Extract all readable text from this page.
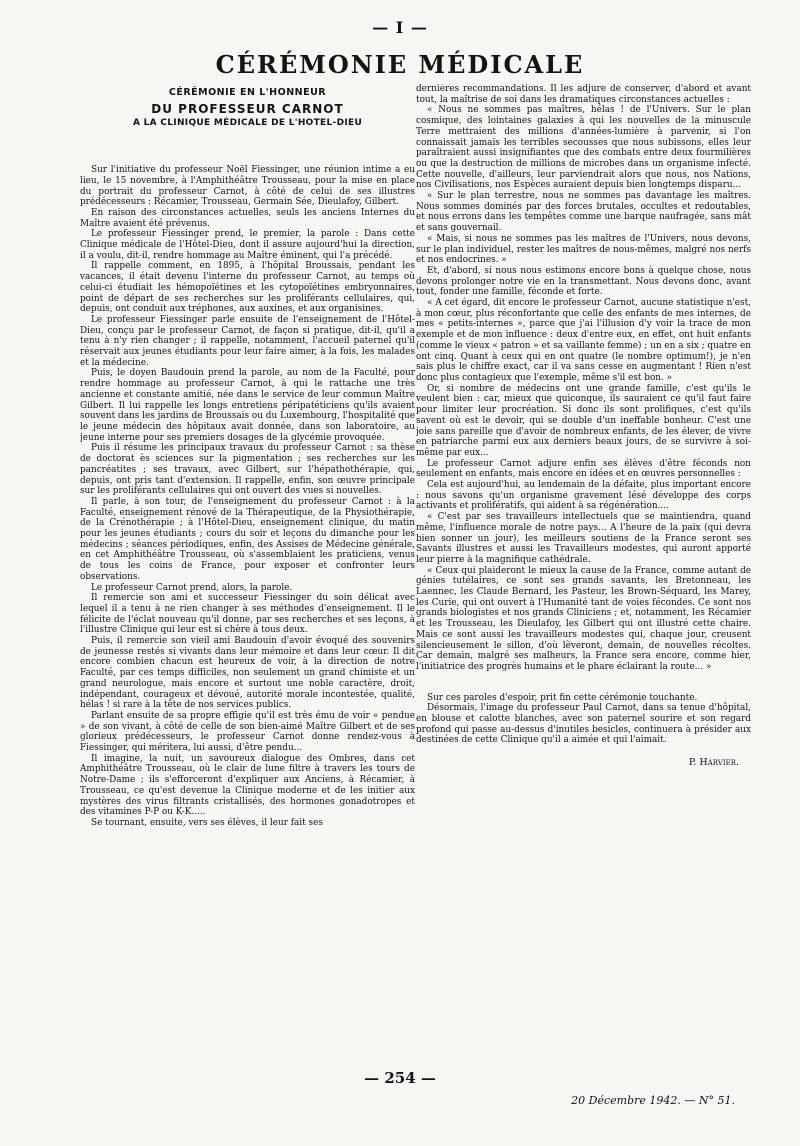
— I —
CÉRÉMONIE MÉDICALE
CÉRÉMONIE EN L'HONNEUR
DU PROFESSEUR CARNOT
A LA CLINIQUE MÉDICALE DE L'HOTEL-DIEU

Sur l'initiative du professeur Noël Fiessinger, une réunion intime a eu lieu, le 15 novembre, à l'Amphithéâtre Trousseau, pour la mise en place du portrait du professeur Carnot, à côté de celui de ses illustres prédécesseurs : Récamier, Trousseau, Germain Sée, Dieulafoy, Gilbert.

En raison des circonstances actuelles, seuls les anciens Internes du Maître avaient été prévenus.

Le professeur Fiessinger prend, le premier, la parole : Dans cette Clinique médicale de l'Hôtel-Dieu, dont il assure aujourd'hui la direction, il a voulu, dit-il, rendre hommage au Maître éminent, qui l'a précédé.

Il rappelle comment, en 1895, à l'hôpital Broussais, pendant les vacances, il était devenu l'interne du professeur Carnot, au temps où celui-ci étudiait les hémopoïétines et les cytopoïétines embryonnaires, point de départ de ses recherches sur les proliférants cellulaires, qui, depuis, ont conduit aux tréphones, aux auxines, et aux organisines.

Le professeur Fiessinger parle ensuite de l'enseignement de l'Hôtel-Dieu, conçu par le professeur Carnot, de façon si pratique, dit-il, qu'il a tenu à n'y rien changer ; il rappelle, notamment, l'accueil paternel qu'il réservait aux jeunes étudiants pour leur faire aimer, à la fois, les malades et la médecine.

Puis, le doyen Baudouin prend la parole, au nom de la Faculté, pour rendre hommage au professeur Carnot, à qui le rattache une très ancienne et constante amitié, née dans le service de leur commun Maître Gilbert. Il lui rappelle les longs entretiens péripatéticiens qu'ils avaient souvent dans les jardins de Broussais ou du Luxembourg, l'hospitalité que le jeune médecin des hôpitaux avait donnée, dans son laboratoire, au jeune interne pour ses premiers dosages de la glycémie provoquée.

Puis il résume les principaux travaux du professeur Carnot : sa thèse de doctorat ès sciences sur la pigmentation ; ses recherches sur les pancréatites ; ses travaux, avec Gilbert, sur l'hépathothérapie, qui, depuis, ont pris tant d'extension. Il rappelle, enfin, son œuvre principale sur les proliférants cellulaires qui ont ouvert des vues si nouvelles.

Il parle, à son tour, de l'enseignement du professeur Carnot : à la Faculté, enseignement rénové de la Thérapeutique, de la Physiothérapie, de la Crénothérapie ; à l'Hôtel-Dieu, enseignement clinique, du matin pour les jeunes étudiants ; cours du soir et leçons du dimanche pour les médecins ; séances périodiques, enfin, des Assises de Médecine générale, en cet Amphithéâtre Trousseau, où s'assemblaient les praticiens, venus de tous les coins de France, pour exposer et confronter leurs observations.

Le professeur Carnot prend, alors, la parole.

Il remercie son ami et successeur Fiessinger du soin délicat avec lequel il a tenu à ne rien changer à ses méthodes d'enseignement. Il le félicite de l'éclat nouveau qu'il donne, par ses recherches et ses leçons, à l'illustre Clinique qui leur est si chère à tous deux.

Puis, il remercie son vieil ami Baudouin d'avoir évoqué des souvenirs de jeunesse restés si vivants dans leur mémoire et dans leur cœur. Il dit encore combien chacun est heureux de voir, à la direction de notre Faculté, par ces temps difficiles, non seulement un grand chimiste et un grand neurologue, mais encore et surtout une noble caractère, droit, indépendant, courageux et dévoué, autorité morale incontestée, qualité, hélas ! si rare à la tête de nos services publics.

Parlant ensuite de sa propre effigie qu'il est très ému de voir « pendue » de son vivant, à côté de celle de son bien-aimé Maître Gilbert et de ses glorieux prédécesseurs, le professeur Carnot donne rendez-vous à Fiessinger, qui méritera, lui aussi, d'être pendu...

Il imagine, la nuit, un savoureux dialogue des Ombres, dans cet Amphithéâtre Trousseau, où le clair de lune filtre à travers les tours de Notre-Dame ; ils s'efforceront d'expliquer aux Anciens, à Récamier, à Trousseau, ce qu'est devenue la Clinique moderne et de les initier aux mystères des virus filtrants cristallisés, des hormones gonadotropes et des vitamines P-P ou K-K.....

Se tournant, ensuite, vers ses élèves, il leur fait ses

dernières recommandations. Il les adjure de conserver, d'abord et avant tout, la maîtrise de soi dans les dramatiques circonstances actuelles :

« Nous ne sommes pas maîtres, hélas ! de l'Univers. Sur le plan cosmique, des lointaines galaxies à qui les nouvelles de la minuscule Terre mettraient des millions d'années-lumière à parvenir, si l'on connaissait jamais les terribles secousses que nous subissons, elles leur paraîtraient aussi insignifiantes que des combats entre deux fourmilières ou que la destruction de millions de microbes dans un organisme infecté. Cette nouvelle, d'ailleurs, leur parviendrait alors que nous, nos Nations, nos Civilisations, nos Espèces auraient depuis bien longtemps disparu...

« Sur le plan terrestre, nous ne sommes pas davantage les maîtres. Nous sommes dominés par des forces brutales, occultes et redoutables, et nous errons dans les tempêtes comme une barque naufragée, sans mât et sans gouvernail.

« Mais, si nous ne sommes pas les maîtres de l'Univers, nous devons, sur le plan individuel, rester les maîtres de nous-mêmes, malgré nos nerfs et nos endocrines. »

Et, d'abord, si nous nous estimons encore bons à quelque chose, nous devons prolonger notre vie en la transmettant. Nous devons donc, avant tout, fonder une famille, féconde et forte.

« A cet égard, dit encore le professeur Carnot, aucune statistique n'est, à mon cœur, plus réconfortante que celle des enfants de mes internes, de mes « petits-internes », parce que j'ai l'illusion d'y voir la trace de mon exemple et de mon influence : deux d'entre eux, en effet, ont huit enfants (comme le vieux « patron » et sa vaillante femme) ; un en a six ; quatre en ont cinq. Quant à ceux qui en ont quatre (le nombre optimum!), je n'en sais plus le chiffre exact, car il va sans cesse en augmentant ! Rien n'est donc plus contagieux que l'exemple, même s'il est bon. »

Or, si nombre de médecins ont une grande famille, c'est qu'ils le veulent bien : car, mieux que quiconque, ils sauraient ce qu'il faut faire pour limiter leur procréation. Si donc ils sont prolifiques, c'est qu'ils savent où est le devoir, qui se double d'un ineffable bonheur. C'est une joie sans pareille que d'avoir de nombreux enfants, de les élever, de vivre en patriarche parmi eux aux derniers beaux jours, de se survivre à soi-même par eux...

Le professeur Carnot adjure enfin ses élèves d'être féconds non seulement en enfants, mais encore en idées et en œuvres personnelles :

Cela est aujourd'hui, au lendemain de la défaite, plus important encore : nous savons qu'un organisme gravement lésé développe des corps activants et prolifératifs, qui aident à sa régénération....

« C'est par ses travailleurs intellectuels que se maintiendra, quand même, l'influence morale de notre pays... A l'heure de la paix (qui devra bien sonner un jour), les meilleurs soutiens de la France seront ses Savants illustres et aussi les Travailleurs modestes, qui auront apporté leur pierre à la magnifique cathédrale.

« Ceux qui plaideront le mieux la cause de la France, comme autant de génies tutélaires, ce sont ses grands savants, les Bretonneau, les Laennec, les Claude Bernard, les Pasteur, les Brown-Séquard, les Marey, les Curie, qui ont ouvert à l'Humanité tant de voies fécondes. Ce sont nos grands biologistes et nos grands Cliniciens ; et, notamment, les Récamier et les Trousseau, les Dieulafoy, les Gilbert qui ont illustré cette chaire. Mais ce sont aussi les travailleurs modestes qui, chaque jour, creusent silencieusement le sillon, d'où lèveront, demain, de nouvelles récoltes. Car demain, malgré ses malheurs, la France sera encore, comme hier, l'initiatrice des progrès humains et le phare éclairant la route... »

Sur ces paroles d'espoir, prit fin cette cérémonie touchante.

Désormais, l'image du professeur Paul Carnot, dans sa tenue d'hôpital, en blouse et calotte blanches, avec son paternel sourire et son regard profond qui passe au-dessus d'inutiles besicles, continuera à présider aux destinées de cette Clinique qu'il a aimée et qui l'aimait.

P. Harvier.
— 254 —
20 Décembre 1942. — N° 51.
